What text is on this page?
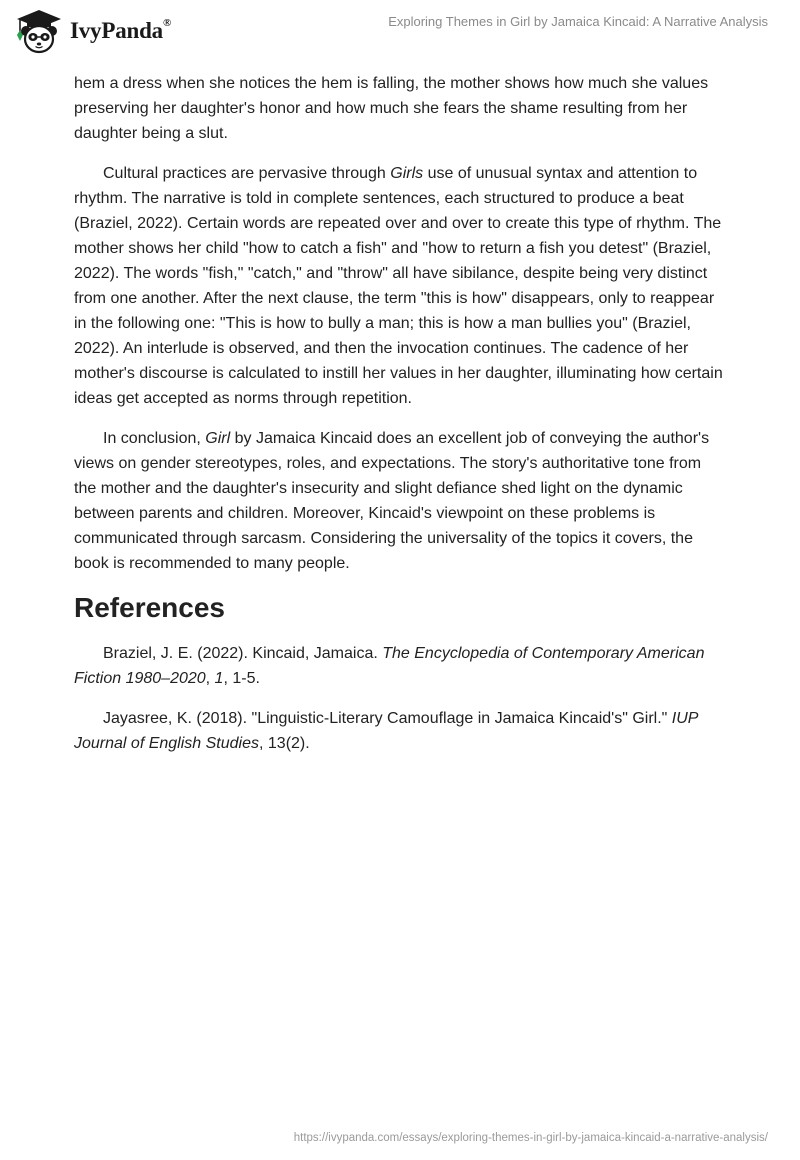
IvyPanda®	Exploring Themes in Girl by Jamaica Kincaid: A Narrative Analysis

hem a dress when she notices the hem is falling, the mother shows how much she values preserving her daughter's honor and how much she fears the shame resulting from her daughter being a slut.

Cultural practices are pervasive through Girls use of unusual syntax and attention to rhythm. The narrative is told in complete sentences, each structured to produce a beat (Braziel, 2022). Certain words are repeated over and over to create this type of rhythm. The mother shows her child "how to catch a fish" and "how to return a fish you detest" (Braziel, 2022). The words "fish," "catch," and "throw" all have sibilance, despite being very distinct from one another. After the next clause, the term "this is how" disappears, only to reappear in the following one: "This is how to bully a man; this is how a man bullies you" (Braziel, 2022). An interlude is observed, and then the invocation continues. The cadence of her mother's discourse is calculated to instill her values in her daughter, illuminating how certain ideas get accepted as norms through repetition.

In conclusion, Girl by Jamaica Kincaid does an excellent job of conveying the author's views on gender stereotypes, roles, and expectations. The story's authoritative tone from the mother and the daughter's insecurity and slight defiance shed light on the dynamic between parents and children. Moreover, Kincaid's viewpoint on these problems is communicated through sarcasm. Considering the universality of the topics it covers, the book is recommended to many people.

References

Braziel, J. E. (2022). Kincaid, Jamaica. The Encyclopedia of Contemporary American Fiction 1980–2020, 1, 1-5.

Jayasree, K. (2018). "Linguistic-Literary Camouflage in Jamaica Kincaid's" Girl." IUP Journal of English Studies, 13(2).

https://ivypanda.com/essays/exploring-themes-in-girl-by-jamaica-kincaid-a-narrative-analysis/
